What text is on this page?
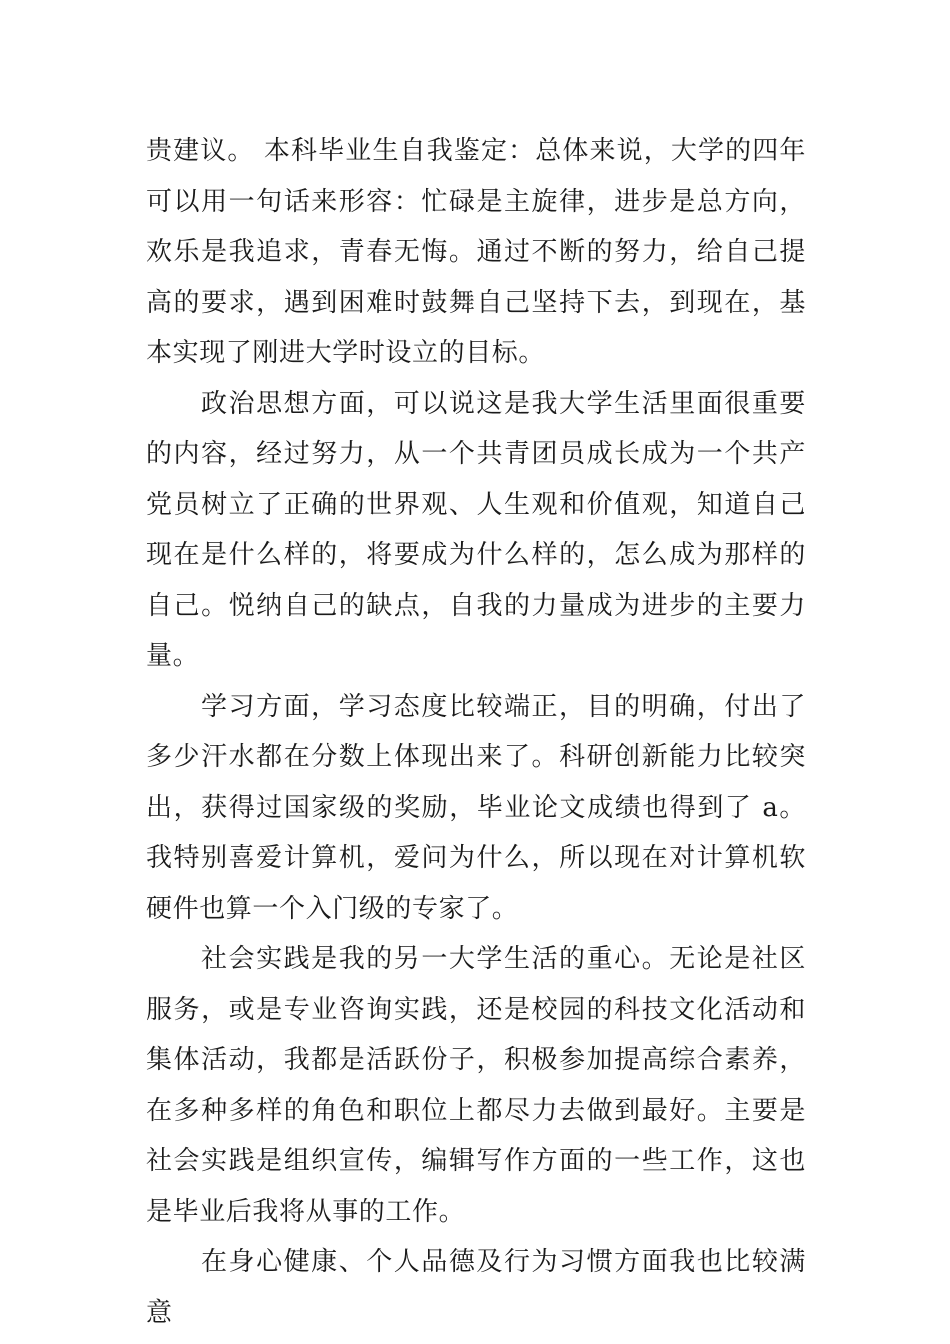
贵建议。 本科毕业生自我鉴定：总体来说，大学的四年可以用一句话来形容：忙碌是主旋律，进步是总方向，欢乐是我追求，青春无悔。通过不断的努力，给自己提高的要求，遇到困难时鼓舞自己坚持下去，到现在，基本实现了刚进大学时设立的目标。

政治思想方面，可以说这是我大学生活里面很重要的内容，经过努力，从一个共青团员成长成为一个共产党员树立了正确的世界观、人生观和价值观，知道自己现在是什么样的，将要成为什么样的，怎么成为那样的自己。悦纳自己的缺点，自我的力量成为进步的主要力量。

学习方面，学习态度比较端正，目的明确，付出了多少汗水都在分数上体现出来了。科研创新能力比较突出，获得过国家级的奖励，毕业论文成绩也得到了 a。我特别喜爱计算机，爱问为什么，所以现在对计算机软硬件也算一个入门级的专家了。

社会实践是我的另一大学生活的重心。无论是社区服务，或是专业咨询实践，还是校园的科技文化活动和集体活动，我都是活跃份子，积极参加提高综合素养，在多种多样的角色和职位上都尽力去做到最好。主要是社会实践是组织宣传，编辑写作方面的一些工作，这也是毕业后我将从事的工作。

在身心健康、个人品德及行为习惯方面我也比较满意
